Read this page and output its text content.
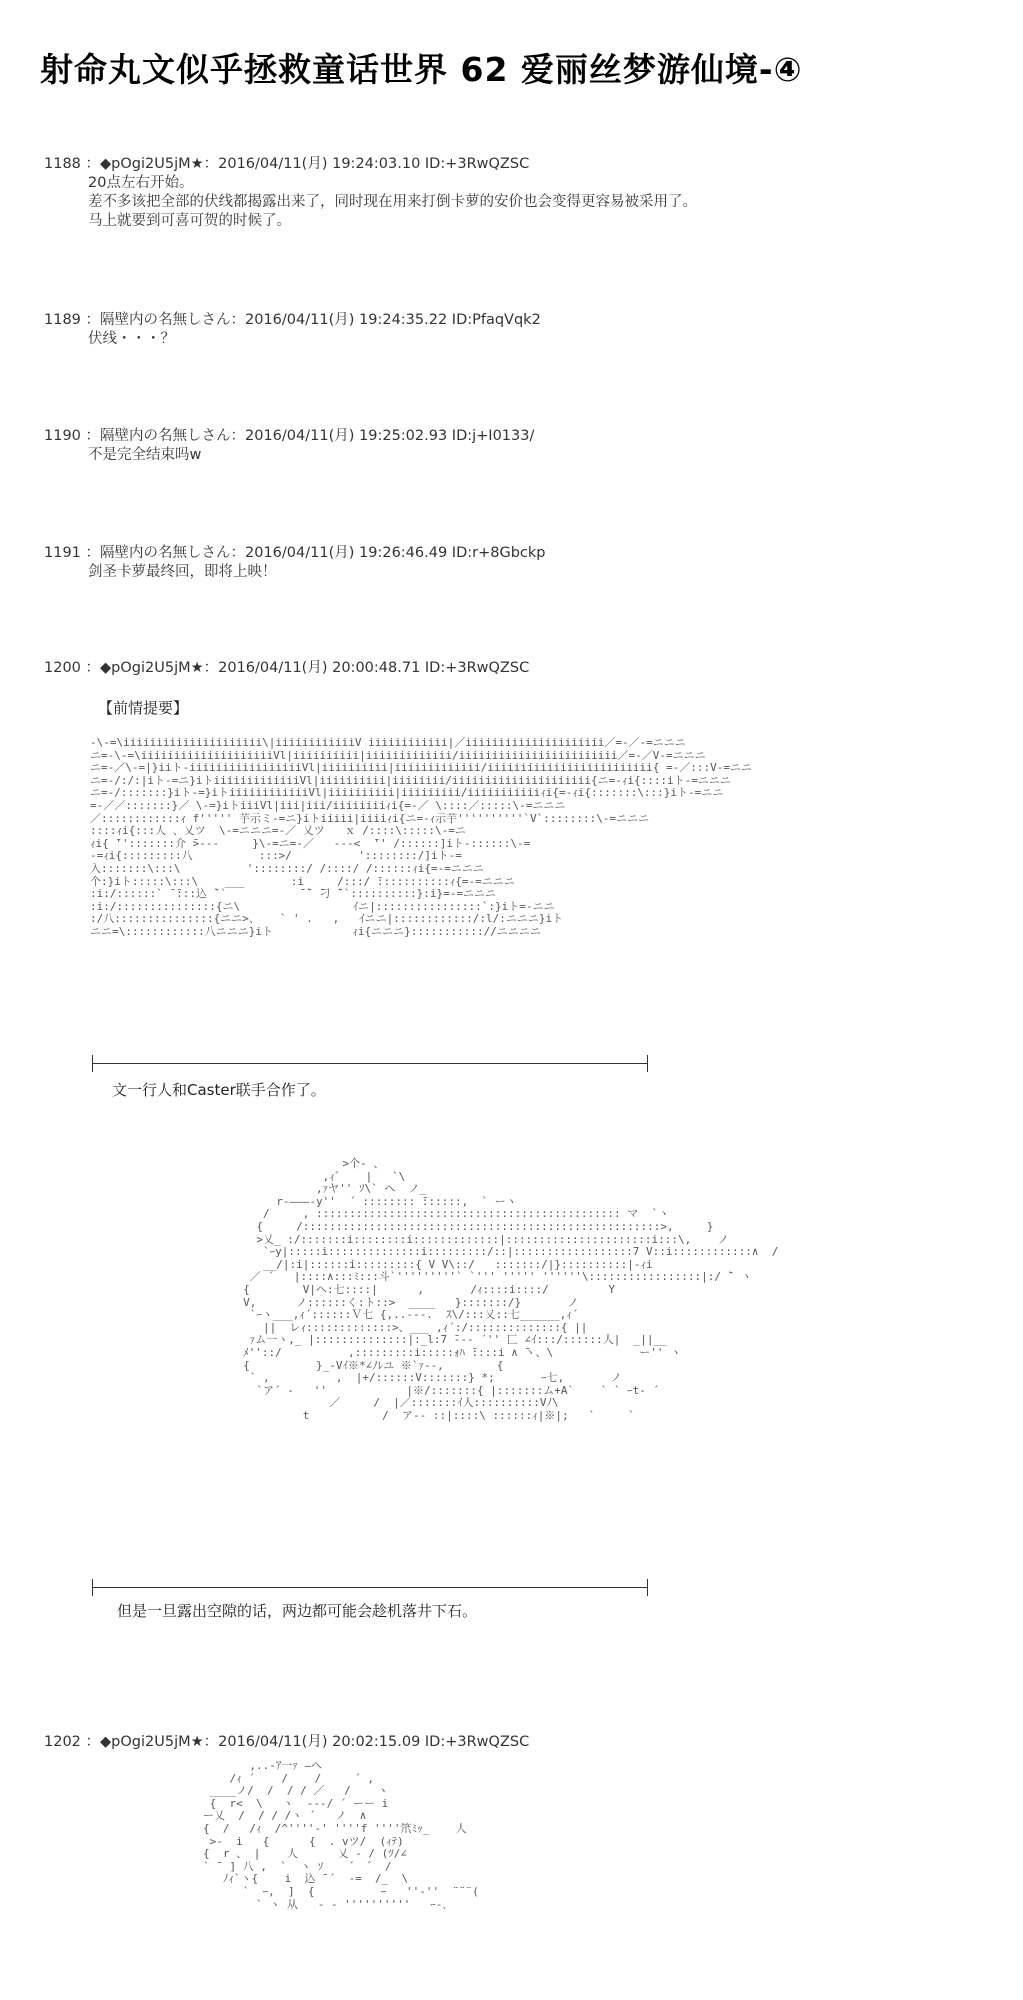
射命丸文似乎拯救童话世界 62 爱丽丝梦游仙境-④
1188 ：◆pOgi2U5jM★：2016/04/11(月) 19:24:03.10 ID:+3RwQZSC
20点左右开始。
差不多该把全部的伏线都揭露出来了，同时现在用来打倒卡萝的安价也会变得更容易被采用了。
马上就要到可喜可贺的时候了。
1189 ：隔壁内の名無しさん：2016/04/11(月) 19:24:35.22 ID:PfaqVqk2
伏线・・・？
1190 ：隔壁内の名無しさん：2016/04/11(月) 19:25:02.93 ID:j+I0133/
不是完全结束吗w
1191 ：隔壁内の名無しさん：2016/04/11(月) 19:26:46.49 ID:r+8Gbckp
剑圣卡萝最终回，即将上映！
1200 ：◆pOgi2U5jM★：2016/04/11(月) 20:00:48.71 ID:+3RwQZSC
【前情提要】
-\-=\iiiiiiiiiiiiiiiiiiiii\|iiiiiiiiiiiiV iiiiiiiiiiii|／iiiiiiiiiiiiiiiiiiiii／=-／-=ニニニ
ニ=-\-=\iiiiiiiiiiiiiiiiiiiiVl|iiiiiiiiii|iiiiiiiiiiiii/iiiiiiiiiiiiiiiiiiiiiiii／=-／V-=ニニニ
ニ=-／\-=|}iiト-iiiiiiiiiiiiiiiiiVl|iiiiiiiiii|iiiiiiiiiiiii/iiiiiiiiiiiiiiiiiiiiiiiii{ =-／:::V-=ニニ
ニ=-/:/:|iト-=ニ}iトiiiiiiiiiiiiiVl|iiiiiiiiii|iiiiiiii/iiiiiiiiiiiiiiiiiiiii{ニ=-ｨi{::::iト-=ニニニ
ニ=-/:::::::}iト-=}iトiiiiiiiiiiiiVl|iiiiiiiiii|iiiiiiiii/iiiiiiiiiiiｨi{=-ｨi{:::::::\:::}iト-=ニニ
=-／／:::::::}／ \-=}iトiiiVl|iii|iii/iiiiiiiiｨi{=-／ \::::／:::::\-=ニニニ
／::::::::::::ｨ f''''' 芋示ミ-=ニ}iトiiiii|iiiiｨi{ニ=-ｨ示芋''''''''''`V`::::::::\-=ニニニ
::::ｨi{:::人 、乂ツ  \-=ニニニ=-／ 乂ツ   ｘ /::::\:::::\-=ニ
ｨi{ ̄'':::::::介 ̄>---     }\-=ニ=-／   ---<  ̄'' /::::::]iト-::::::\-=
-=ｨi{:::::::::八          :::>/          '::::::::/]iト-=
入:::::::\:::\          '::::::::/ /::::/ /::::::ｨi{=-=ニニニ
个:}iト:::::\:::\    ___       :i     /:::/ ̄:::::::::::ｨ{=-=ニニニ
:i:/::::::` ̄ ̄:::込 ̄``           ̄ ̄` ̄刁 ̄``::::::::::}:i}=-=ニニニ
:i:/:::::::::::::::{ニ\                 ｲニ|::::::::::::::::`:}iト=-ニニ
:/八:::::::::::::::{ニニ>、   ` ' .   ,   ｲニニ|::::::::::::/:l/:ニニニ}iト
ニニ=\::::::::::::八ニニニ}iト            ｨi{ニニニ}::::::::::://ニニニニ
文一行人和Caster联手合作了。
>个- 、
,ｨ゛   |   `\
,ｧヤ'' ｿ\` ヘ  ノ_
r-―――‐y''  ´ :::::::: ̄::::::,  ` ーヽ
/     , :::::::::::::::::::::::::::::::::::::::::::::: マ  `ヽ
{     /::::::::::::::::::::::::::::::::::::::::::::::::::::::>,     }
>乂_ :/:::::::i::::::::i:::::::::::::|::::::::::::::::::::::i:::\,    ノ
`ｰy|:::::i::::::::::::::i:::::::::/::|::::::::::::::::::7 V::i::::::::::::∧  /
__/|:i|::::::i:::::::::{ V V\::/   :::::::/|}::::::::::|-ｨi
／ ´   |::::∧:::ﾐ:::斗`'''''''''` `''' ''''' ''''''\:::::::::::::::::|:/ ̄` ヽ
{        V|ヘ:七::::|      ,       /ｨ::::i::::/         Y
V,      ノ::::::く:ト::>  ____   }:::::::/}       ノ
`ｰヽ___,ｨ´::::::Ｖ七 {,..--‐.  ｽ\/:::乂::七______,ｨ´
||  レｨ:::::::::::::>、___ ,ｨ´:/::::::::::::::{ ||
ｧム一ヽ,_ |::::::::::::::|:_l:7 ̄‐-‐ ´'' 匚 ∠ｲ:::/::::::人|  _||__
ﾒ''::/          ,:::::::::i:::::ｫﾊ ̄::::i ∧ ̄ヽ、\             ー'' ヽ
{          }_-Vｲ※*∠ﾉﾚユ ※`ｧ--,        {
` ,          ,  |+/::::::V:::::::} *;       ｰ七,       ノ
`ア´ -   ''            |※/:::::::{ |:::::::ム+A`    ` ` ｰt- ´
／     /  |／:::::::ｲ人::::::::::Vﾉ\
t           /  ア-- ::|::::\ ::::::ｨ|※|;   `     `
但是一旦露出空隙的话，两边都可能会趁机落井下石。
1202 ：◆pOgi2U5jM★：2016/04/11(月) 20:02:15.09 ID:+3RwQZSC
,..-ｱ一ｧ ―ヘ
/ｨ ´    /    /     ´ ,
____ノ/  /  / / ／   /    ヽ
{  r<  \   ヽ  ‐‐‐/ ´ ーー i
ー乂  /  / / /ヽ ´   ノ  ∧
{  /   /ｨ  /^''''‐' ''''f ''''笊ﾐｯ_    人
>-  i   {      {  . vツ/  (ｨﾃ)
{  r 、 |    人      乂 ‐ / (ﾂ/∠
` ̄  ] 八 ,  `  ヽ ｿ    ゛ ゛ /
ﾉｨ`ヽ{    i  込 ̄ ´  -=  /_  \
`  ｰ,  ]  {          ｰ   ''‐''  ¨¨¨(
` ヽ 从   ‐ ‐ ''''''''''   ｰ-､
